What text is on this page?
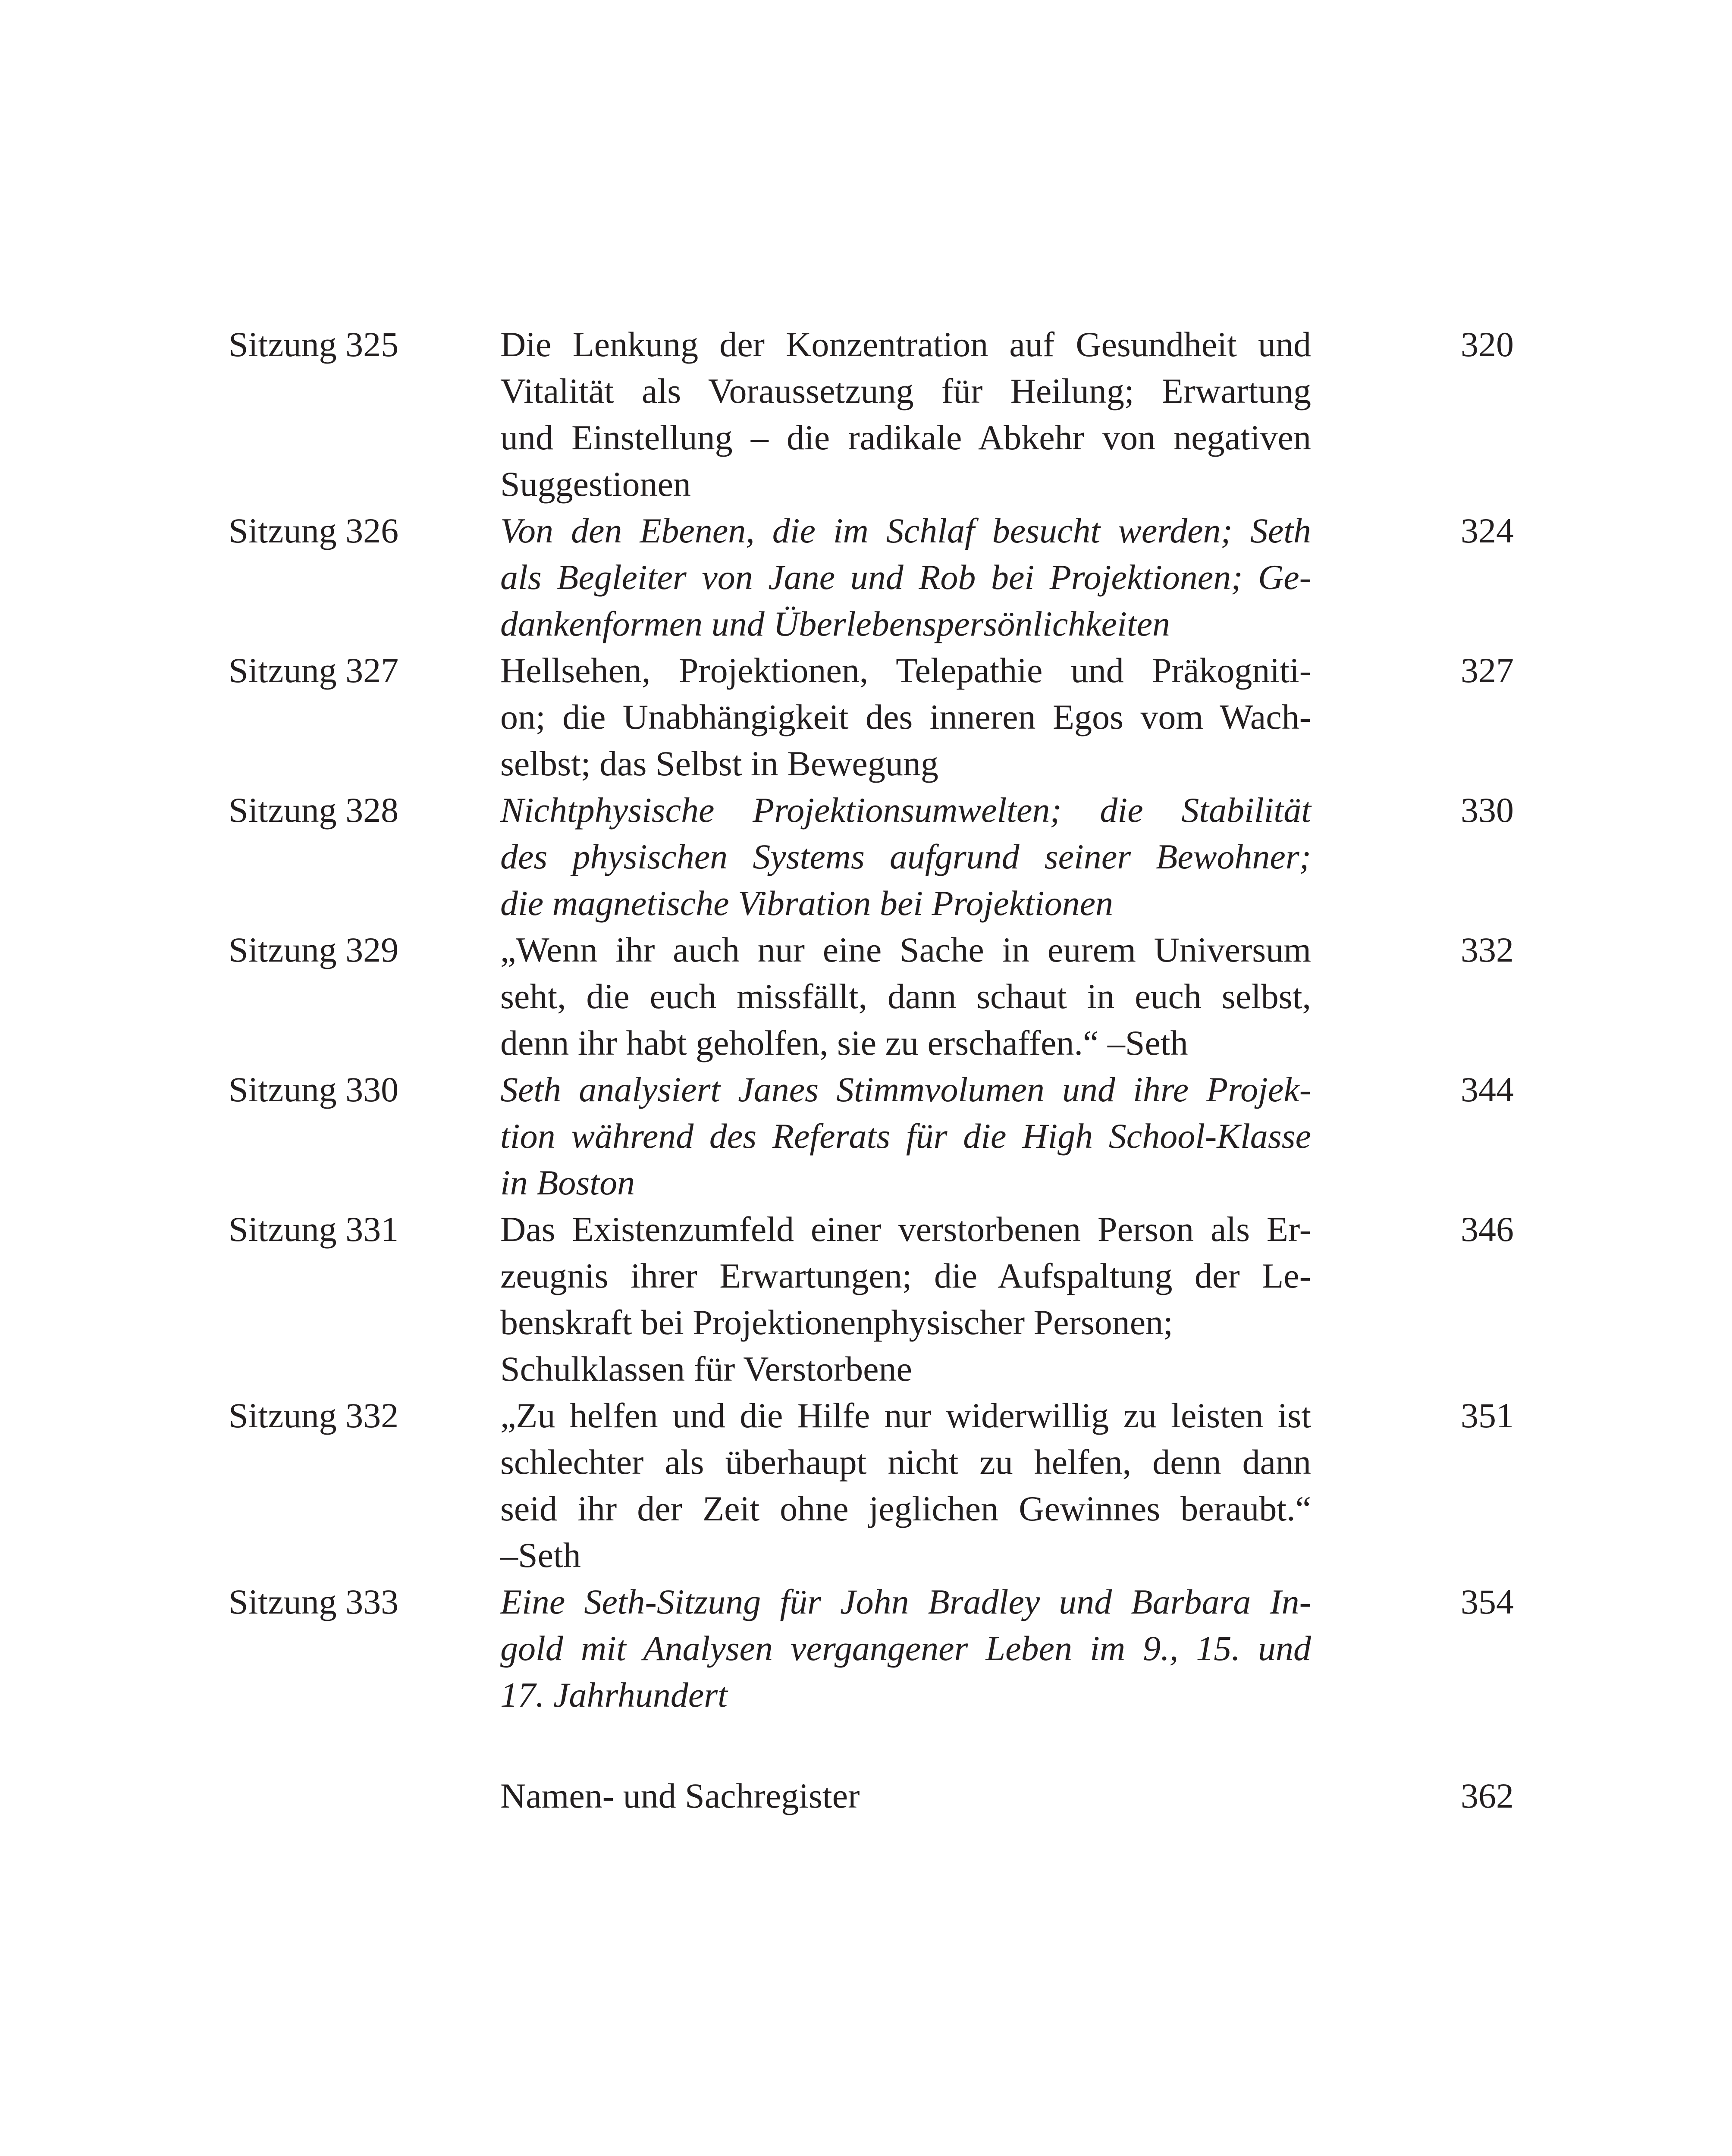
Sitzung 325	Die Lenkung der Konzentration auf Gesundheit und
Vitalität als Voraussetzung für Heilung; Erwartung
und Einstellung – die radikale Abkehr von negativen
Suggestionen
320
Sitzung 326	Von den Ebenen, die im Schlaf besucht werden; Seth
als Begleiter von Jane und Rob bei Projektionen; Ge-
dankenformen und Überlebenspersönlichkeiten
324
Sitzung 327	Hellsehen, Projektionen, Telepathie und Präkogniti-
on; die Unabhängigkeit des inneren Egos vom Wach-
selbst; das Selbst in Bewegung
327
Sitzung 328	Nichtphysische Projektionsumwelten; die Stabilität
des physischen Systems aufgrund seiner Bewohner;
die magnetische Vibration bei Projektionen
330
Sitzung 329	„Wenn ihr auch nur eine Sache in eurem Universum
seht, die euch missfällt, dann schaut in euch selbst,
denn ihr habt geholfen, sie zu erschaffen.“ –Seth
332
Sitzung 330	Seth analysiert Janes Stimmvolumen und ihre Projek-
tion während des Referats für die High School-Klasse
in Boston
344
Sitzung 331	Das Existenzumfeld einer verstorbenen Person als Er-
zeugnis ihrer Erwartungen; die Aufspaltung der Le-
benskraft bei Projektionenphysischer Personen;
Schulklassen für Verstorbene
346
Sitzung 332	„Zu helfen und die Hilfe nur widerwillig zu leisten ist
schlechter als überhaupt nicht zu helfen, denn dann
seid ihr der Zeit ohne jeglichen Gewinnes beraubt.“
–Seth
351
Sitzung 333	Eine Seth-Sitzung für John Bradley und Barbara In-
gold mit Analysen vergangener Leben im 9., 15. und
17. Jahrhundert
354
Namen- und Sachregister	362
